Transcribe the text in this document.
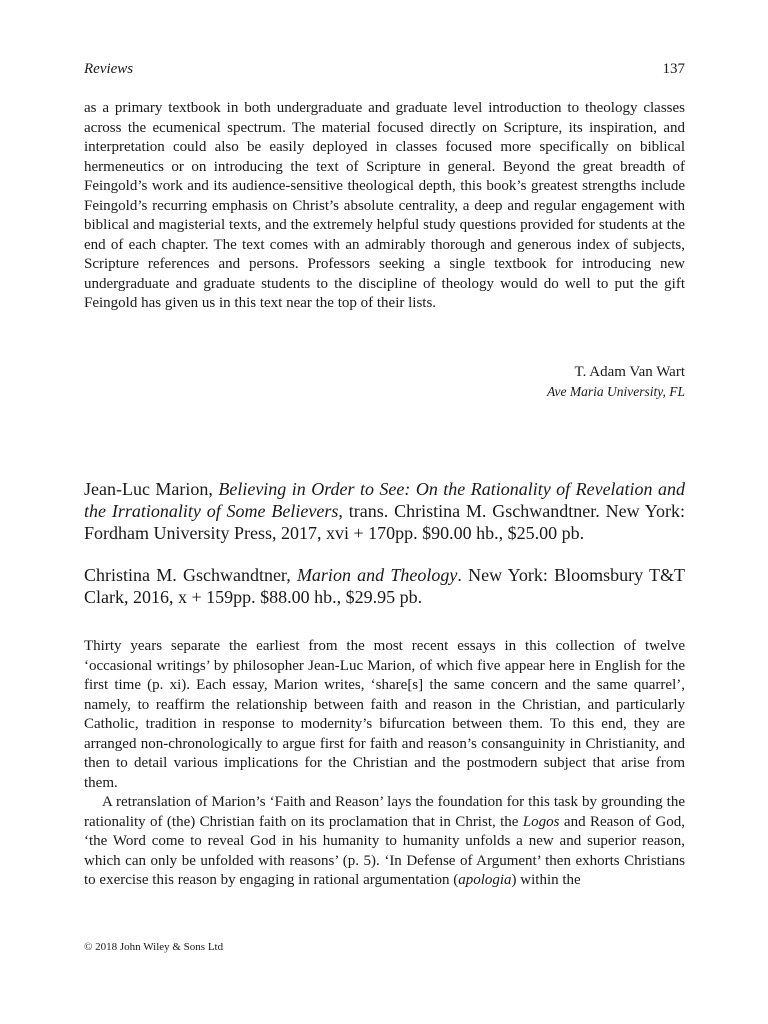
Reviews	137

as a primary textbook in both undergraduate and graduate level introduction to theology classes across the ecumenical spectrum. The material focused directly on Scripture, its inspiration, and interpretation could also be easily deployed in classes focused more specifically on biblical hermeneutics or on introducing the text of Scripture in general. Beyond the great breadth of Feingold’s work and its audience-sensitive theological depth, this book’s greatest strengths include Feingold’s recurring emphasis on Christ’s absolute centrality, a deep and regular engagement with biblical and magisterial texts, and the extremely helpful study questions provided for students at the end of each chapter. The text comes with an admirably thorough and generous index of subjects, Scripture references and persons. Professors seeking a single textbook for introducing new undergraduate and graduate students to the discipline of theology would do well to put the gift Feingold has given us in this text near the top of their lists.

T. Adam Van Wart
Ave Maria University, FL

Jean-Luc Marion, Believing in Order to See: On the Rationality of Revelation and the Irrationality of Some Believers, trans. Christina M. Gschwandtner. New York: Fordham University Press, 2017, xvi + 170pp. $90.00 hb., $25.00 pb.

Christina M. Gschwandtner, Marion and Theology. New York: Bloomsbury T&T Clark, 2016, x + 159pp. $88.00 hb., $29.95 pb.

Thirty years separate the earliest from the most recent essays in this collection of twelve ‘occasional writings’ by philosopher Jean-Luc Marion, of which five appear here in English for the first time (p. xi). Each essay, Marion writes, ‘share[s] the same concern and the same quarrel’, namely, to reaffirm the relationship between faith and reason in the Christian, and particularly Catholic, tradition in response to modernity’s bifurcation between them. To this end, they are arranged non-chronologically to argue first for faith and reason’s consanguinity in Christianity, and then to detail various implications for the Christian and the postmodern subject that arise from them.

A retranslation of Marion’s ‘Faith and Reason’ lays the foundation for this task by grounding the rationality of (the) Christian faith on its proclamation that in Christ, the Logos and Reason of God, ‘the Word come to reveal God in his humanity to humanity unfolds a new and superior reason, which can only be unfolded with reasons’ (p. 5). ‘In Defense of Argument’ then exhorts Christians to exercise this reason by engaging in rational argumentation (apologia) within the

© 2018 John Wiley & Sons Ltd
